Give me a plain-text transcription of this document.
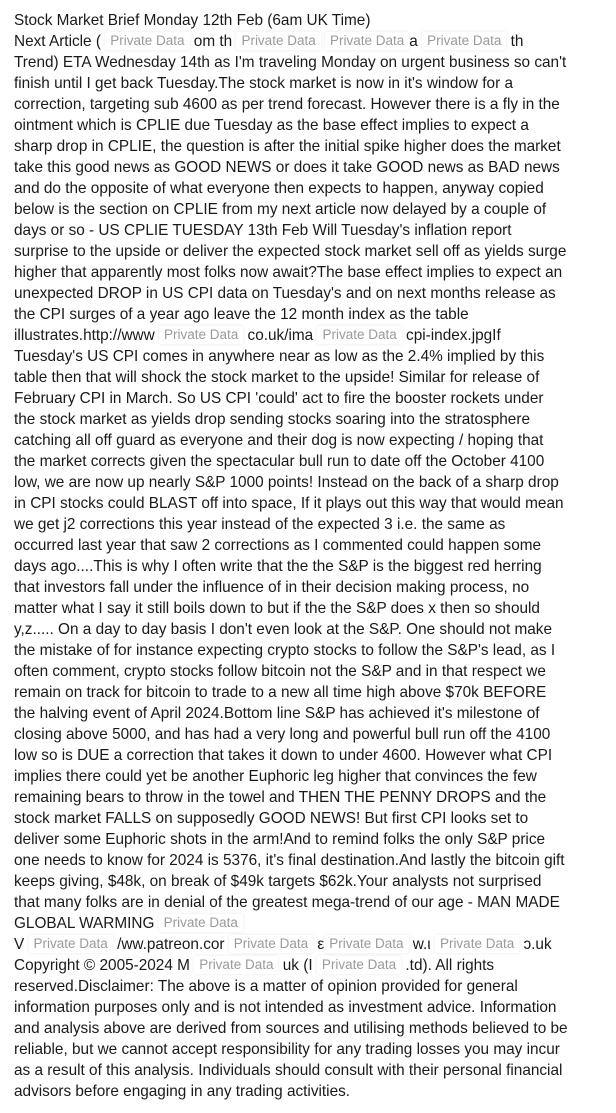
Stock Market Brief Monday 12th Feb (6am UK Time)
Next Article ( Private Data om th Private Data Private Data a Private Data th
Trend) ETA Wednesday 14th as I'm traveling Monday on urgent business so can't
finish until I get back Tuesday.The stock market is now in it's window for a
correction, targeting sub 4600 as per trend forecast. However there is a fly in the
ointment which is CPLIE due Tuesday as the base effect implies to expect a
sharp drop in CPLIE, the question is after the initial spike higher does the market
take this good news as GOOD NEWS or does it take GOOD news as BAD news
and do the opposite of what everyone then expects to happen, anyway copied
below is the section on CPLIE from my next article now delayed by a couple of
days or so - US CPLIE TUESDAY 13th Feb Will Tuesday's inflation report
surprise to the upside or deliver the expected stock market sell off as yields surge
higher that apparently most folks now await?The base effect implies to expect an
unexpected DROP in US CPI data on Tuesday's and on next months release as
the CPI surges of a year ago leave the 12 month index as the table
illustrates.http://www Private Data co.uk/ima Private Data cpi-index.jpgIf
Tuesday's US CPI comes in anywhere near as low as the 2.4% implied by this
table then that will shock the stock market to the upside! Similar for release of
February CPI in March. So US CPI 'could' act to fire the booster rockets under
the stock market as yields drop sending stocks soaring into the stratosphere
catching all off guard as everyone and their dog is now expecting / hoping that
the market corrects given the spectacular bull run to date off the October 4100
low, we are now up nearly S&P 1000 points! Instead on the back of a sharp drop
in CPI stocks could BLAST off into space, If it plays out this way that would mean
we get j2 corrections this year instead of the expected 3 i.e. the same as
occurred last year that saw 2 corrections as I commented could happen some
days ago....This is why I often write that the the S&P is the biggest red herring
that investors fall under the influence of in their decision making process, no
matter what I say it still boils down to but if the the S&P does x then so should
y,z..... On a day to day basis I don't even look at the S&P. One should not make
the mistake of for instance expecting crypto stocks to follow the S&P's lead, as I
often comment, crypto stocks follow bitcoin not the S&P and in that respect we
remain on track for bitcoin to trade to a new all time high above $70k BEFORE
the halving event of April 2024.Bottom line S&P has achieved it's milestone of
closing above 5000, and has had a very long and powerful bull run off the 4100
low so is DUE a correction that takes it down to under 4600. However what CPI
implies there could yet be another Euphoric leg higher that convinces the few
remaining bears to throw in the towel and THEN THE PENNY DROPS and the
stock market FALLS on supposedly GOOD NEWS! But first CPI looks set to
deliver some Euphoric shots in the arm!And to remind folks the only S&P price
one needs to know for 2024 is 5376, it's final destination.And lastly the bitcoin gift
keeps giving, $48k, on break of $49k targets $62k.Your analysts not surprised
that many folks are in denial of the greatest mega-trend of our age - MAN MADE
GLOBAL WARMING Private Data
V Private Data /ww.patreon.cor Private Data ε Private Data w.ι Private Data ɔ.uk
Copyright © 2005-2024 M Private Data uk (I Private Data .td). All rights
reserved.Disclaimer: The above is a matter of opinion provided for general
information purposes only and is not intended as investment advice. Information
and analysis above are derived from sources and utilising methods believed to be
reliable, but we cannot accept responsibility for any trading losses you may incur
as a result of this analysis. Individuals should consult with their personal financial
advisors before engaging in any trading activities.
